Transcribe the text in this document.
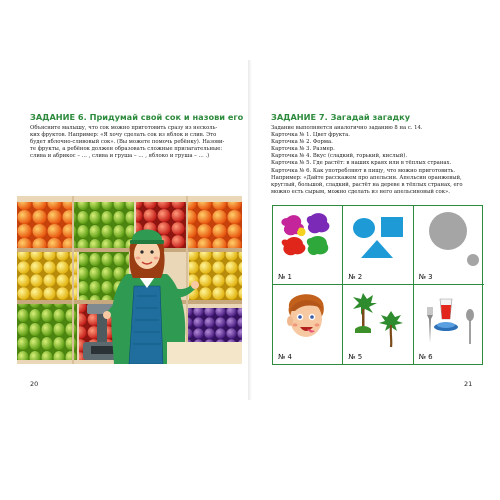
ЗАДАНИЕ 6. Придумай свой сок и назови его
Объясните малышу, что сок можно приготовить сразу из несколь-
ких фруктов. Например: «Я хочу сделать сок из яблок и слив. Это
будет яблочно-сливовый сок». (Вы можете помочь ребёнку). Назови-
те фрукты, а ребёнок должен образовать сложные прилагательные:
слива и абрикос – … , слива и груша – … , яблоко и груша – … .)
20
ЗАДАНИЕ 7. Загадай загадку
Задание выполняется аналогично заданию 8 на с. 14.
Карточка № 1. Цвет фрукта.
Карточка № 2. Форма.
Карточка № 3. Размер.
Карточка № 4. Вкус (сладкий, горький, кислый).
Карточка № 5. Где растёт: в наших краях или в тёплых странах.
Карточка № 6. Как употребляют в пищу, что можно приготовить.
Например: «Дайте расскажем про апельсин. Апельсин оранжевый,
круглый, большой, сладкий, растёт на дереве в тёплых странах, его
можно есть сырым, можно сделать из него апельсиновый сок».
№ 1	№ 2	№ 3
№ 4	№ 5	№ 6
21
